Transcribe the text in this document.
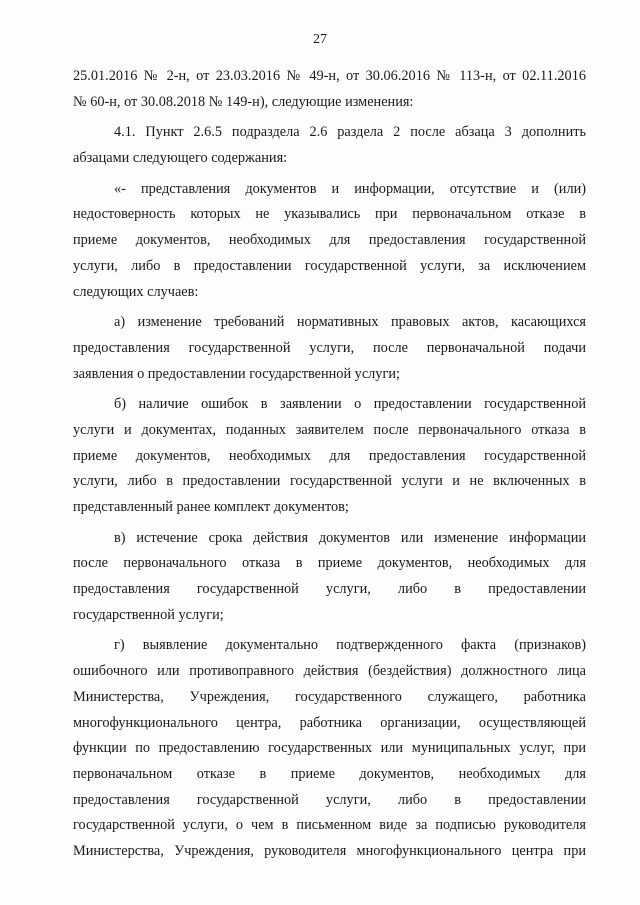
27
25.01.2016 № 2-н, от 23.03.2016 № 49-н, от 30.06.2016 № 113-н, от 02.11.2016
№ 60-н, от 30.08.2018 № 149-н), следующие изменения:
4.1. Пункт 2.6.5 подраздела 2.6 раздела 2 после абзаца 3 дополнить
абзацами следующего содержания:
«- представления документов и информации, отсутствие и (или)
недостоверность которых не указывались при первоначальном отказе в
приеме документов, необходимых для предоставления государственной
услуги, либо в предоставлении государственной услуги, за исключением
следующих случаев:
а) изменение требований нормативных правовых актов, касающихся
предоставления государственной услуги, после первоначальной подачи
заявления о предоставлении государственной услуги;
б) наличие ошибок в заявлении о предоставлении государственной
услуги и документах, поданных заявителем после первоначального отказа в
приеме документов, необходимых для предоставления государственной
услуги, либо в предоставлении государственной услуги и не включенных в
представленный ранее комплект документов;
в) истечение срока действия документов или изменение информации
после первоначального отказа в приеме документов, необходимых для
предоставления государственной услуги, либо в предоставлении
государственной услуги;
г) выявление документально подтвержденного факта (признаков)
ошибочного или противоправного действия (бездействия) должностного лица
Министерства, Учреждения, государственного служащего, работника
многофункционального центра, работника организации, осуществляющей
функции по предоставлению государственных или муниципальных услуг, при
первоначальном отказе в приеме документов, необходимых для
предоставления государственной услуги, либо в предоставлении
государственной услуги, о чем в письменном виде за подписью руководителя
Министерства, Учреждения, руководителя многофункционального центра при
